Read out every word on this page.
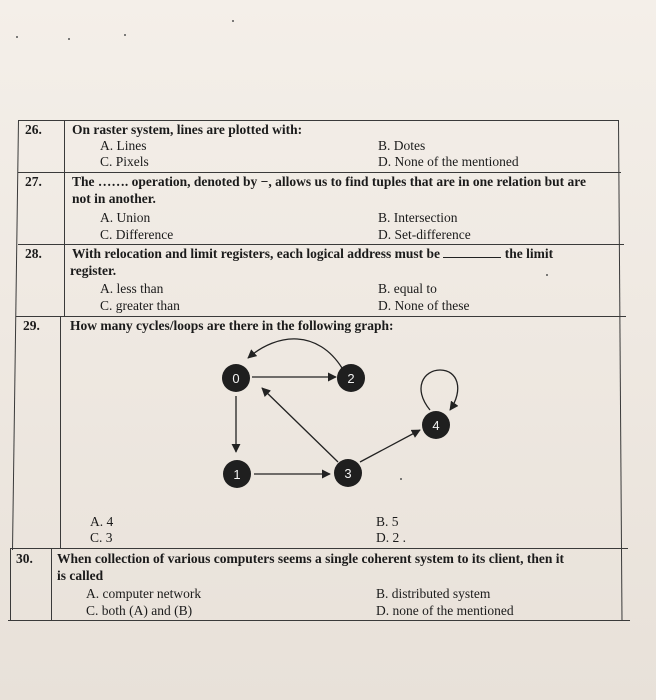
26. On raster system, lines are plotted with:
A. Lines	B. Dotes
C. Pixels	D. None of the mentioned
27. The ……. operation, denoted by −, allows us to find tuples that are in one relation but are
not in another.
A. Union	B. Intersection
C. Difference	D. Set-difference
28. With relocation and limit registers, each logical address must be	the limit
register.
A. less than	B. equal to
C. greater than	D. None of these
29. How many cycles/loops are there in the following graph:
0	2
4
1	3
A. 4	B. 5
C. 3	D. 2 .
30. When collection of various computers seems a single coherent system to its client, then it
is called
A. computer network	B. distributed system
C. both (A) and (B)	D. none of the mentioned
